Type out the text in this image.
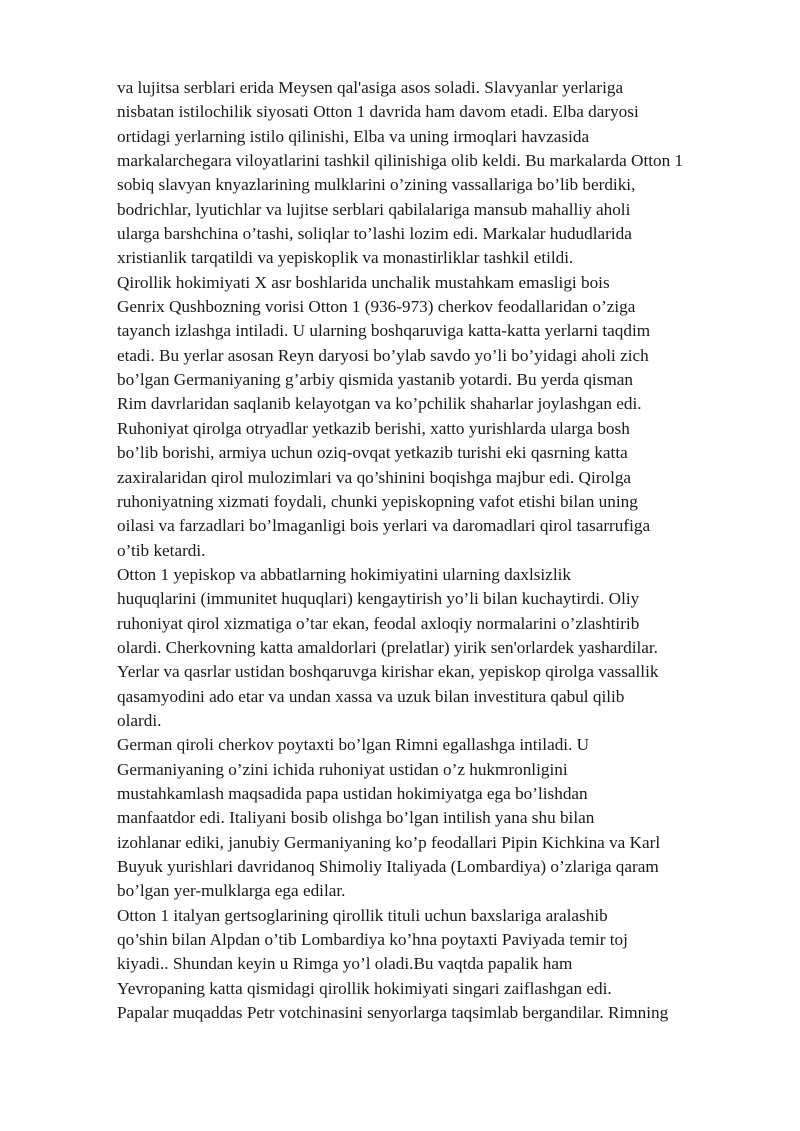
va lujitsa serblari erida Meysen qal'asiga asos soladi. Slavyanlar yerlariga
nisbatan istilochilik siyosati Otton 1 davrida ham davom etadi. Elba daryosi
ortidagi yerlarning istilo qilinishi, Elba va uning irmoqlari havzasida
markalarchegara viloyatlarini tashkil qilinishiga olib keldi. Bu markalarda Otton 1
sobiq slavyan knyazlarining mulklarini o’zining vassallariga bo’lib berdiki,
bodrichlar, lyutichlar va lujitse serblari qabilalariga mansub mahalliy aholi
ularga barshchina o’tashi, soliqlar to’lashi lozim edi. Markalar hududlarida
xristianlik tarqatildi va yepiskoplik va monastirliklar tashkil etildi.
Qirollik hokimiyati X asr boshlarida unchalik mustahkam emasligi bois
Genrix Qushbozning vorisi Otton 1 (936-973) cherkov feodallaridan o’ziga
tayanch izlashga intiladi. U ularning boshqaruviga katta-katta yerlarni taqdim
etadi. Bu yerlar asosan Reyn daryosi bo’ylab savdo yo’li bo’yidagi aholi zich
bo’lgan Germaniyaning g’arbiy qismida yastanib yotardi. Bu yerda qisman
Rim davrlaridan saqlanib kelayotgan va ko’pchilik shaharlar joylashgan edi.
Ruhoniyat qirolga otryadlar yetkazib berishi, xatto yurishlarda ularga bosh
bo’lib borishi, armiya uchun oziq-ovqat yetkazib turishi eki qasrning katta
zaxiralaridan qirol mulozimlari va qo’shinini boqishga majbur edi. Qirolga
ruhoniyatning xizmati foydali, chunki yepiskopning vafot etishi bilan uning
oilasi va farzadlari bo’lmaganligi bois yerlari va daromadlari qirol tasarrufiga
o’tib ketardi.
Otton 1 yepiskop va abbatlarning hokimiyatini ularning daxlsizlik
huquqlarini (immunitet huquqlari) kengaytirish yo’li bilan kuchaytirdi. Oliy
ruhoniyat qirol xizmatiga o’tar ekan, feodal axloqiy normalarini o’zlashtirib
olardi. Cherkovning katta amaldorlari (prelatlar) yirik sen'orlardek yashardilar.
Yerlar va qasrlar ustidan boshqaruvga kirishar ekan, yepiskop qirolga vassallik
qasamyodini ado etar va undan xassa va uzuk bilan investitura qabul qilib
olardi.
German qiroli cherkov poytaxti bo’lgan Rimni egallashga intiladi. U
Germaniyaning o’zini ichida ruhoniyat ustidan o’z hukmronligini
mustahkamlash maqsadida papa ustidan hokimiyatga ega bo’lishdan
manfaatdor edi. Italiyani bosib olishga bo’lgan intilish yana shu bilan
izohlanar ediki, janubiy Germaniyaning ko’p feodallari Pipin Kichkina va Karl
Buyuk yurishlari davridanoq Shimoliy Italiyada (Lombardiya) o’zlariga qaram
bo’lgan yer-mulklarga ega edilar.
Otton 1 italyan gertsoglarining qirollik tituli uchun baxslariga aralashib
qo’shin bilan Alpdan o’tib Lombardiya ko’hna poytaxti Paviyada temir toj
kiyadi.. Shundan keyin u Rimga yo’l oladi.Bu vaqtda papalik ham
Yevropaning katta qismidagi qirollik hokimiyati singari zaiflashgan edi.
Papalar muqaddas Petr votchinasini senyorlarga taqsimlab bergandilar. Rimning
